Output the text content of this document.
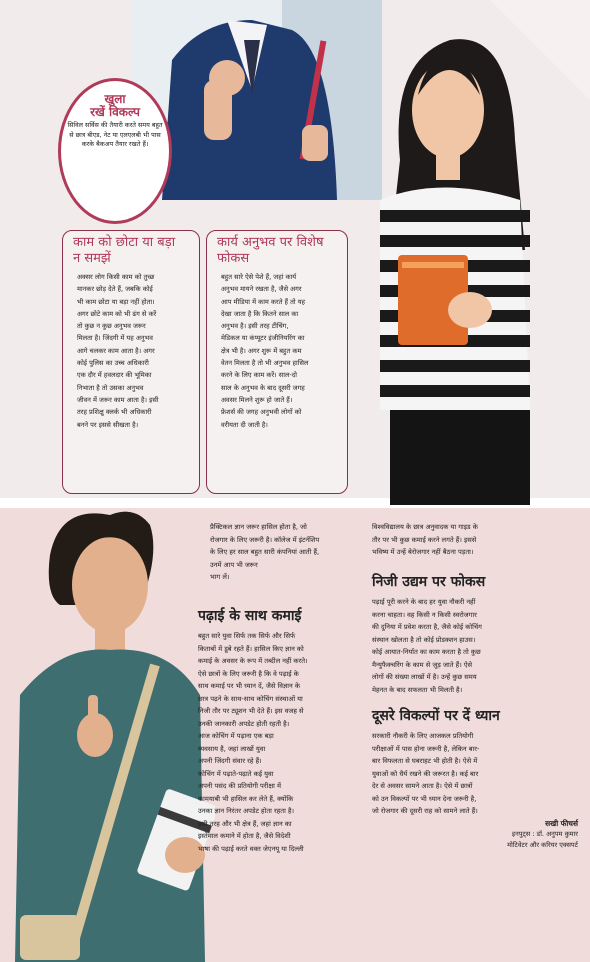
खुला
रखें विकल्प
सिविल सर्विस की तैयारी करते समय बहुत से छात्र बीएड, नेट या एलएलबी भी पास करके बैकअप तैयार रखते हैं।
काम को छोटा या बड़ा
न समझें
अक्सर लोग किसी काम को तुच्छ
मानकर छोड़ देते हैं, जबकि कोई
भी काम छोटा या बड़ा नहीं होता।
अगर छोटे काम को भी ढंग से करें
तो कुछ न कुछ अनुभव जरूर
मिलता है। जिंदगी में यह अनुभव
आगे चलकर काम आता है। अगर
कोई पुलिस का उच्च अधिकारी
एक दौर में हवलदार की भूमिका
निभाता है तो उसका अनुभव
जीवन में जरूर काम आता है। इसी
तरह प्रशिक्षु क्लर्क भी अधिकारी
बनने पर इससे सीखता है।
कार्य अनुभव पर विशेष
फोकस
बहुत सारे ऐसे पेशे हैं, जहां कार्य
अनुभव मायने रखता है, जैसे अगर
आप मीडिया में काम करते हैं तो यह
देखा जाता है कि कितने साल का
अनुभव है। इसी तरह टीचिंग,
मेडिकल या कंप्यूटर इंजीनियरिंग का
क्षेत्र भी है। अगर शुरू में बहुत कम
वेतन मिलता है तो भी अनुभव हासिल
करने के लिए काम करें। साल-दो
साल के अनुभव के बाद दूसरी जगह
अवसर मिलने शुरू हो जाते हैं।
फ्रेशर्स की जगह अनुभवी लोगों को
वरीयता दी जाती है।
प्रैक्टिकल ज्ञान जरूर हासिल होता है, जो
रोजगार के लिए जरूरी है। कॉलेज में इंटर्नशिप
के लिए हर साल बहुत सारी कंपनियां आती हैं,
उनमें आप भी जरूर
भाग लें।
पढ़ाई के साथ कमाई
बहुत सारे युवा सिर्फ तक सिर्फ और सिर्फ
किताबों में डूबे रहते हैं। हासिल किए ज्ञान को
कमाई के अवसर के रूप में तब्दील नहीं करते।
ऐसे छात्रों के लिए जरूरी है कि वे पढ़ाई के
साथ कमाई पर भी ध्यान दें, जैसे विज्ञान के
छात्र पढ़ने के साथ-साथ कोचिंग संस्थाओं या
निजी तौर पर ट्यूशन भी देते हैं। इस वजह से
उनकी जानकारी अपडेट होती रहती है।
आज कोचिंग में पढ़ाना एक बड़ा
व्यवसाय है, जहां लाखों युवा
अपनी जिंदगी संवार रहे हैं।
कोचिंग में पढ़ाते-पढ़ाते कई युवा
अपनी पसंद की प्रतियोगी परीक्षा में
कामयाबी भी हासिल कर लेते हैं, क्योंकि
उनका ज्ञान निरंतर अपडेट होता रहता है।
इसी तरह और भी क्षेत्र हैं, जहां ज्ञान का
इस्तेमाल कमाने में होता है, जैसे विदेशी
भाषा की पढ़ाई करते वक्त जेएनयू या दिल्ली
विश्वविद्यालय के छात्र अनुवादक या गाइड के
तौर पर भी कुछ कमाई करने लगते हैं। इससे
भविष्य में उन्हें बेरोजगार नहीं बैठना पड़ता।
निजी उद्यम पर फोकस
पढ़ाई पूरी करने के बाद हर युवा नौकरी नहीं
करना चाहता। वह किसी न किसी स्वरोजगार
की दुनिया में प्रवेश करता है, जैसे कोई कोचिंग
संस्थान खोलता है तो कोई प्रोडक्शन हाउस।
कोई आयात-निर्यात का काम करता है तो कुछ
मैन्युफैक्चरिंग के काम से जुड़ जाते हैं। ऐसे
लोगों की संख्या लाखों में है। उन्हें कुछ समय
मेहनत के बाद सफलता भी मिलती है।
दूसरे विकल्पों पर दें ध्यान
सरकारी नौकरी के लिए आजकल प्रतियोगी
परीक्षाओं में पास होना जरूरी है, लेकिन बार-
बार विफलता से घबराहट भी होती है। ऐसे में
युवाओं को धैर्य रखने की जरूरत है। कई बार
देर से अवसर सामने आता है। ऐसे में छात्रों
को उन विकल्पों पर भी ध्यान देना जरूरी है,
जो रोजगार की दूसरी राह को सामने लाते हैं।
सखी फीचर्स
इनपुट्स : डॉ. अनुपम कुमार
मोटिवेटर और करियर एक्सपर्ट
